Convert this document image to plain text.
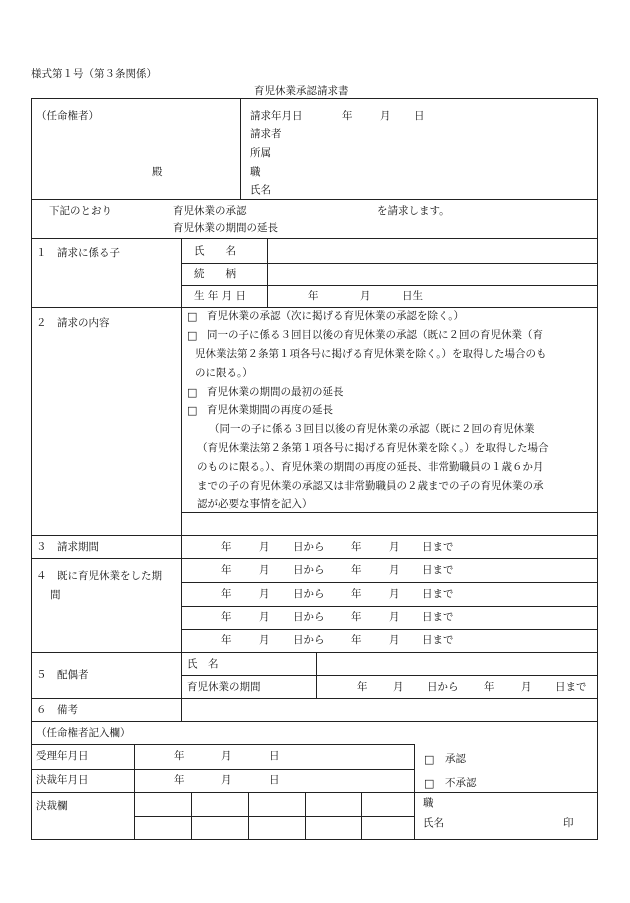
様式第１号（第３条関係）
育児休業承認請求書
（任命権者）
殿
請求年月日	年	月 日
請求者
所属
職
氏名
下記のとおり	育児休業の承認
育児休業の期間の延長
を請求します。
１　請求に係る子	氏　　名
続　　柄
生 年 月 日	年	月	日生
２　請求の内容	□ 育児休業の承認（次に掲げる育児休業の承認を除く。）
□ 同一の子に係る３回目以後の育児休業の承認（既に２回の育児休業（育
児休業法第２条第１項各号に掲げる育児休業を除く。）を取得した場合のも
のに限る。）
□ 育児休業の期間の最初の延長
□ 育児休業期間の再度の延長
（同一の子に係る３回目以後の育児休業の承認（既に２回の育児休業
（育児休業法第２条第１項各号に掲げる育児休業を除く。）を取得した場合
のものに限る。）、育児休業の期間の再度の延長、非常勤職員の１歳６か月
までの子の育児休業の承認又は非常勤職員の２歳までの子の育児休業の承
認が必要な事情を記入）
３　請求期間	年	月 日から	年	月 日まで
４　既に育児休業をした期
間
年	月 日から	年	月 日まで
年	月 日から	年	月 日まで
年	月 日から	年	月 日まで
年	月 日から	年	月 日まで
５　配偶者
氏　名
育児休業の期間	年 月 日から 年	月 日まで
６　備考
（任命権者記入欄）
受理年月日	年	月	日
決裁年月日	年	月	日
□ 承認
□ 不承認
決裁欄	職
氏名	印
